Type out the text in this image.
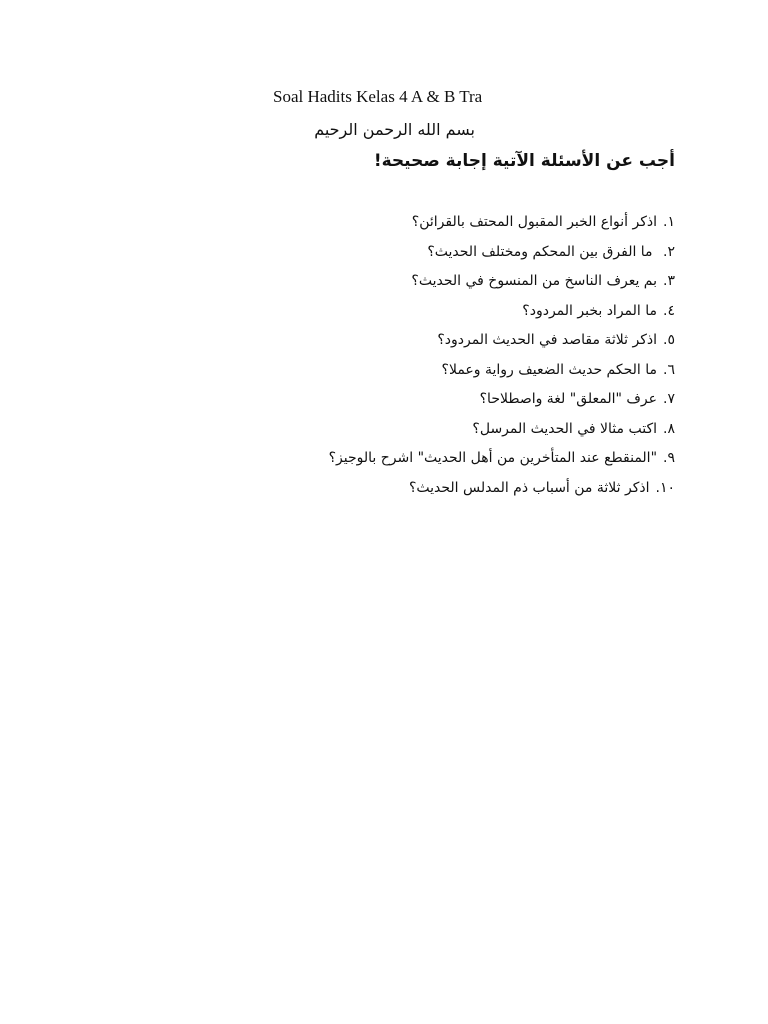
Soal Hadits Kelas 4 A & B Tra
بسم الله الرحمن الرحيم
أجب عن الأسئلة الآتية إجابة صحيحة!
١.اذكر أنواع الخبر المقبول المحتف بالقرائن؟
٢. ما الفرق بين المحكم ومختلف الحديث؟
٣.بم يعرف الناسخ من المنسوخ في الحديث؟
٤.ما المراد بخبر المردود؟
٥.اذكر ثلاثة مقاصد في الحديث المردود؟
٦.ما الحكم حديث الضعيف رواية وعملا؟
٧.عرف "المعلق" لغة واصطلاحا؟
٨.اكتب مثالا في الحديث المرسل؟
٩."المنقطع عند المتأخرين من أهل الحديث" اشرح بالوجيز؟
١٠.اذكر ثلاثة من أسباب ذم المدلس الحديث؟
